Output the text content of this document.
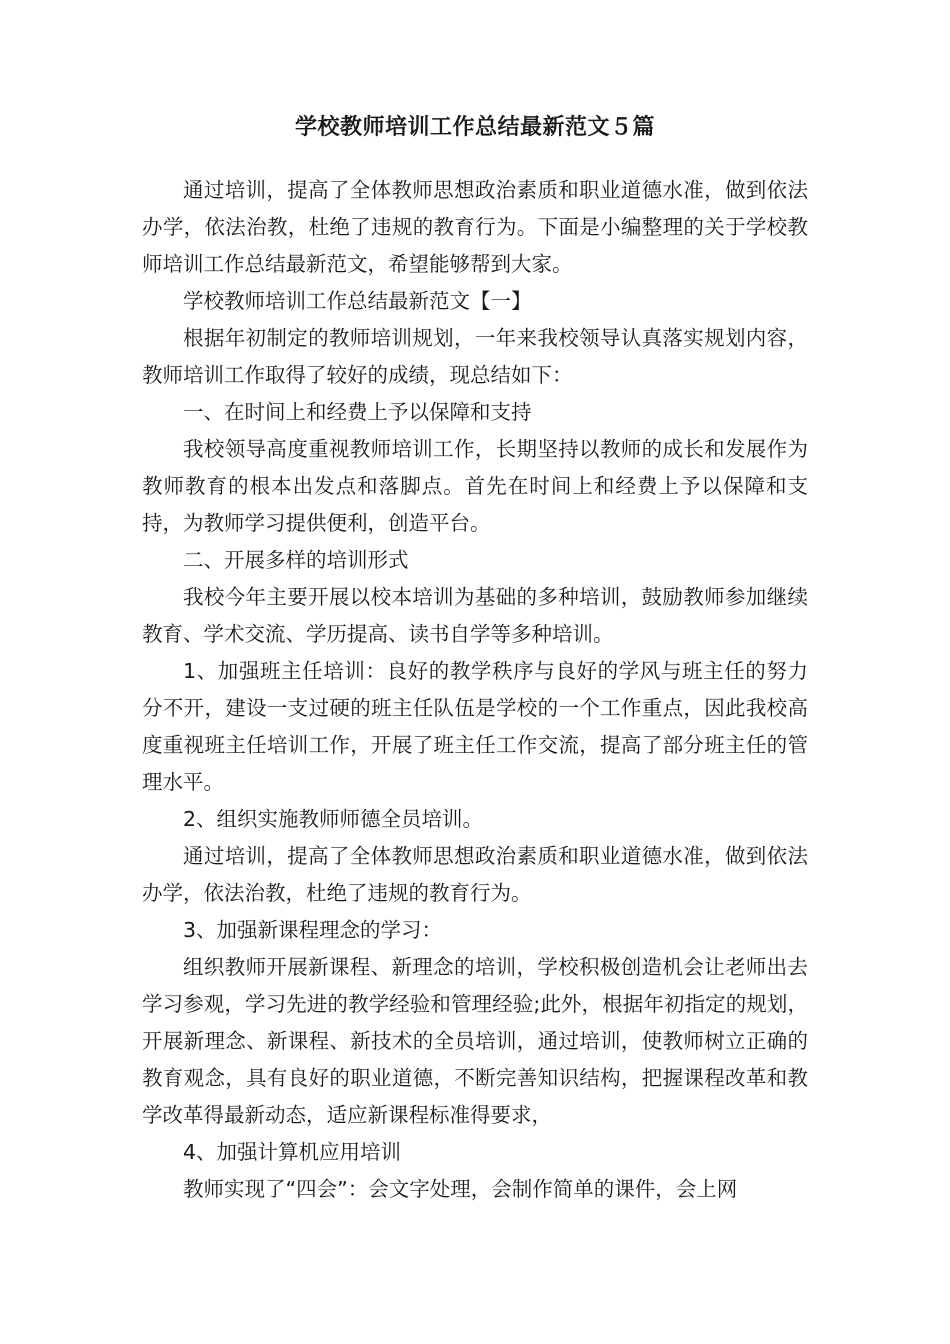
学校教师培训工作总结最新范文５篇

通过培训，提高了全体教师思想政治素质和职业道德水准，做到依法办学，依法治教，杜绝了违规的教育行为。下面是小编整理的关于学校教师培训工作总结最新范文，希望能够帮到大家。

学校教师培训工作总结最新范文【一】

根据年初制定的教师培训规划，一年来我校领导认真落实规划内容，教师培训工作取得了较好的成绩，现总结如下：

一、在时间上和经费上予以保障和支持

我校领导高度重视教师培训工作，长期坚持以教师的成长和发展作为教师教育的根本出发点和落脚点。首先在时间上和经费上予以保障和支持，为教师学习提供便利，创造平台。

二、开展多样的培训形式

我校今年主要开展以校本培训为基础的多种培训，鼓励教师参加继续教育、学术交流、学历提高、读书自学等多种培训。

1、加强班主任培训：良好的教学秩序与良好的学风与班主任的努力分不开，建设一支过硬的班主任队伍是学校的一个工作重点，因此我校高度重视班主任培训工作，开展了班主任工作交流，提高了部分班主任的管理水平。

2、组织实施教师师德全员培训。

通过培训，提高了全体教师思想政治素质和职业道德水准，做到依法办学，依法治教，杜绝了违规的教育行为。

3、加强新课程理念的学习：

组织教师开展新课程、新理念的培训，学校积极创造机会让老师出去学习参观，学习先进的教学经验和管理经验;此外，根据年初指定的规划，开展新理念、新课程、新技术的全员培训，通过培训，使教师树立正确的教育观念，具有良好的职业道德，不断完善知识结构，把握课程改革和教学改革得最新动态，适应新课程标准得要求，

4、加强计算机应用培训

教师实现了“四会”：会文字处理，会制作简单的课件，会上网
